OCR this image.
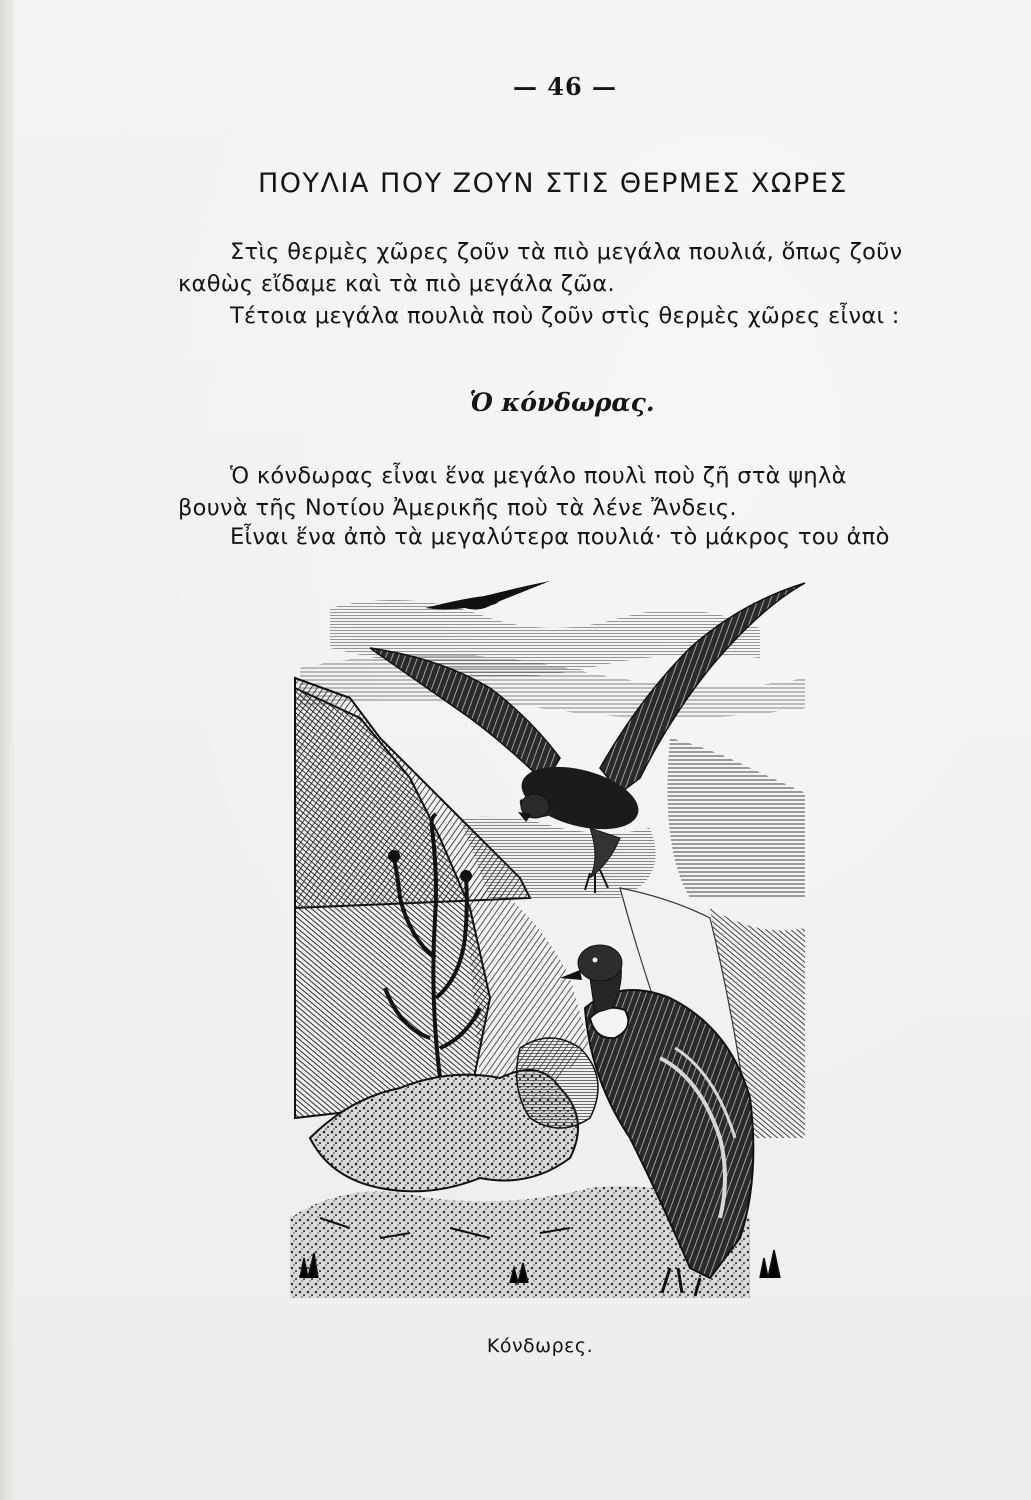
— 46 —
ΠΟΥΛΙΑ ΠΟΥ ΖΟΥΝ ΣΤΙΣ ΘΕΡΜΕΣ ΧΩΡΕΣ
Στὶς θερμὲς χῶρες ζοῦν τὰ πιὸ μεγάλα πουλιά, ὅπως ζοῦν
καθὼς εἴδαμε καὶ τὰ πιὸ μεγάλα ζῶα.
Τέτοια μεγάλα πουλιὰ ποὺ ζοῦν στὶς θερμὲς χῶρες εἶναι :
Ὁ κόνδωρας.
Ὁ κόνδωρας εἶναι ἕνα μεγάλο πουλὶ ποὺ ζῆ στὰ ψηλὰ
βουνὰ τῆς Νοτίου Ἀμερικῆς ποὺ τὰ λένε Ἄνδεις.
Εἶναι ἕνα ἀπὸ τὰ μεγαλύτερα πουλιά· τὸ μάκρος του ἀπὸ
Κόνδωρες.
